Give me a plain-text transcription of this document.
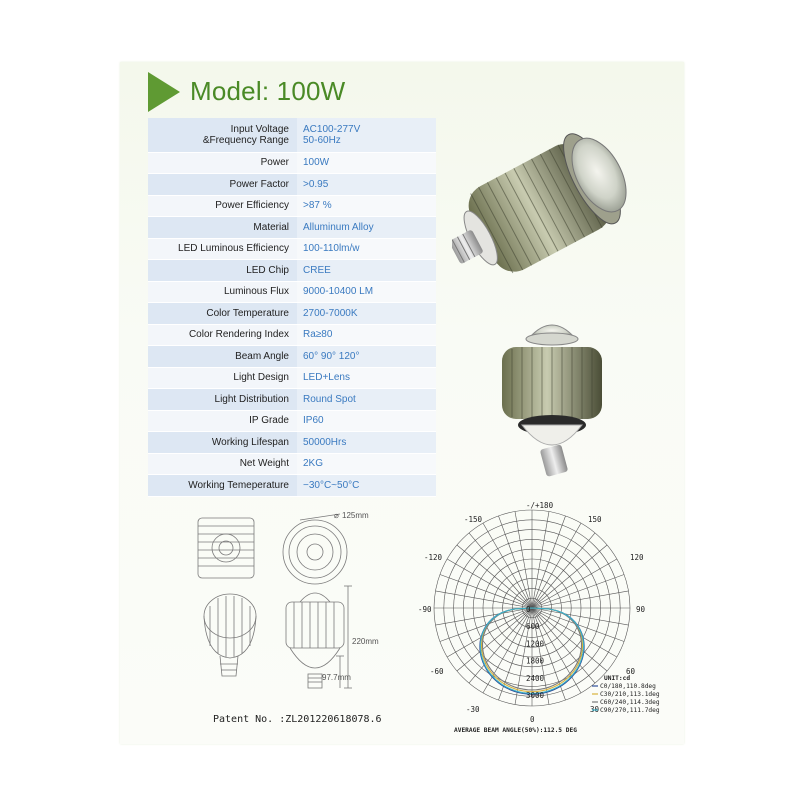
Model: 100W
Input Voltage
&Frequency Range	AC100-277V
50-60Hz
Power	100W
Power Factor	>0.95
Power Efficiency	>87 %
Material	Alluminum Alloy
LED Luminous Efficiency	100-110lm/w
LED Chip	CREE
Luminous Flux	9000-10400 LM
Color Temperature	2700-7000K
Color Rendering Index	Ra≥80
Beam Angle	60° 90° 120°
Light Design	LED+Lens
Light Distribution	Round Spot
IP Grade	IP60
Working Lifespan	50000Hrs
Net Weight	2KG
Working Temeperature	−30°C~50°C
125mm
⌀
220mm
97.7mm
Patent No. :ZL201220618078.6
-/+180
-150	150
-120	120
-90	90
-60	60
-30
0
30
0
600
1200
1800
2400
3000
UNIT:cd
C0/180,110.8deg
C30/210,113.1deg
C60/240,114.3deg
C90/270,111.7deg
AVERAGE BEAM ANGLE(50%):112.5 DEG
